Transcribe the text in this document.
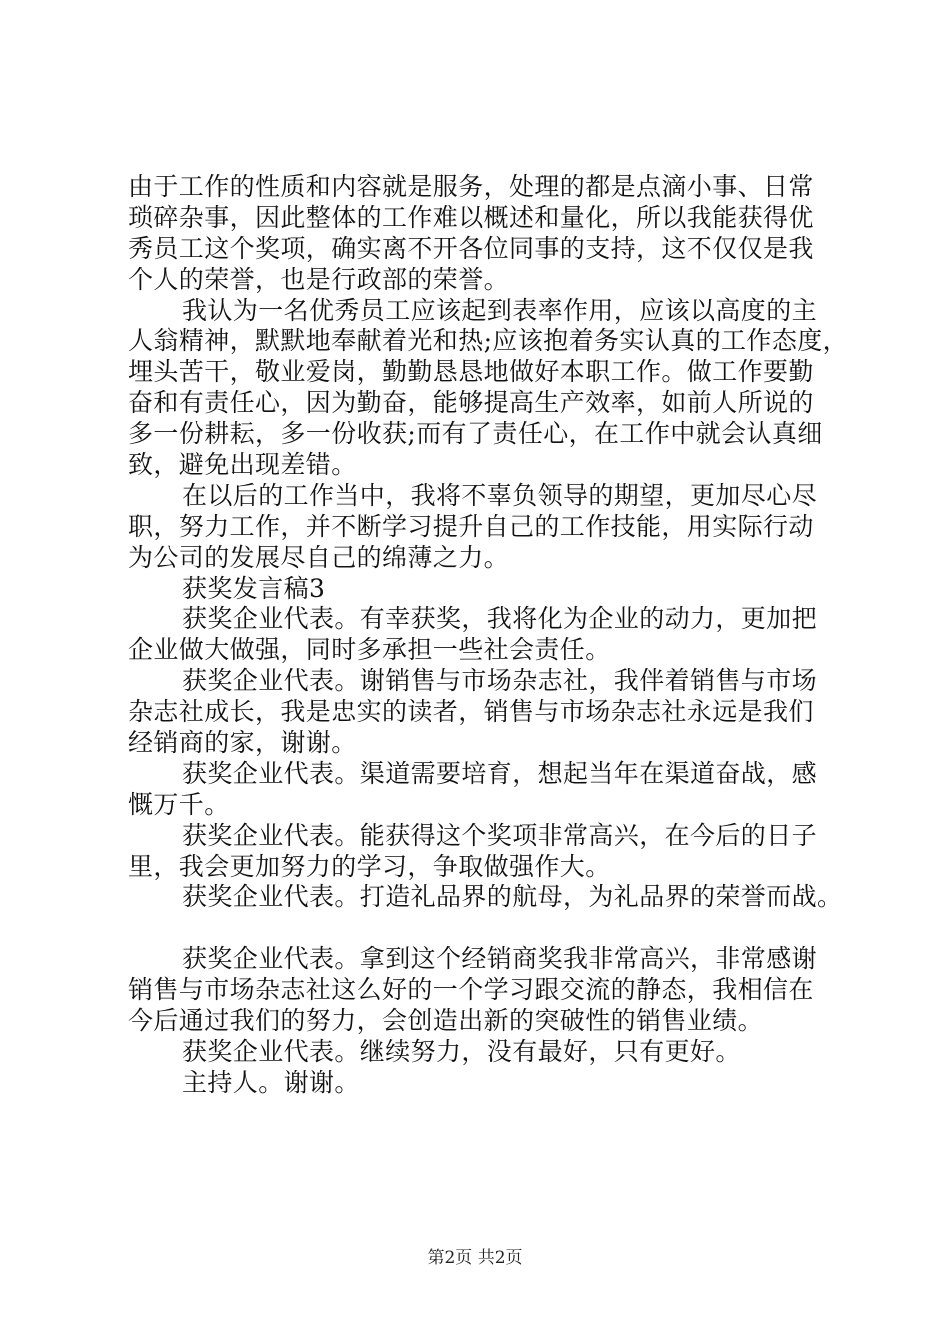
由于工作的性质和内容就是服务，处理的都是点滴小事、日常
琐碎杂事，因此整体的工作难以概述和量化，所以我能获得优
秀员工这个奖项，确实离不开各位同事的支持，这不仅仅是我
个人的荣誉，也是行政部的荣誉。
我认为一名优秀员工应该起到表率作用，应该以高度的主
人翁精神，默默地奉献着光和热;应该抱着务实认真的工作态度，
埋头苦干，敬业爱岗，勤勤恳恳地做好本职工作。做工作要勤
奋和有责任心，因为勤奋，能够提高生产效率，如前人所说的
多一份耕耘，多一份收获;而有了责任心，在工作中就会认真细
致，避免出现差错。
在以后的工作当中，我将不辜负领导的期望，更加尽心尽
职，努力工作，并不断学习提升自己的工作技能，用实际行动
为公司的发展尽自己的绵薄之力。
获奖发言稿3
获奖企业代表。有幸获奖，我将化为企业的动力，更加把
企业做大做强，同时多承担一些社会责任。
获奖企业代表。谢销售与市场杂志社，我伴着销售与市场
杂志社成长，我是忠实的读者，销售与市场杂志社永远是我们
经销商的家，谢谢。
获奖企业代表。渠道需要培育，想起当年在渠道奋战，感
慨万千。
获奖企业代表。能获得这个奖项非常高兴，在今后的日子
里，我会更加努力的学习，争取做强作大。
获奖企业代表。打造礼品界的航母，为礼品界的荣誉而战。
获奖企业代表。拿到这个经销商奖我非常高兴，非常感谢
销售与市场杂志社这么好的一个学习跟交流的静态，我相信在
今后通过我们的努力，会创造出新的突破性的销售业绩。
获奖企业代表。继续努力，没有最好，只有更好。
主持人。谢谢。
第2页 共2页
